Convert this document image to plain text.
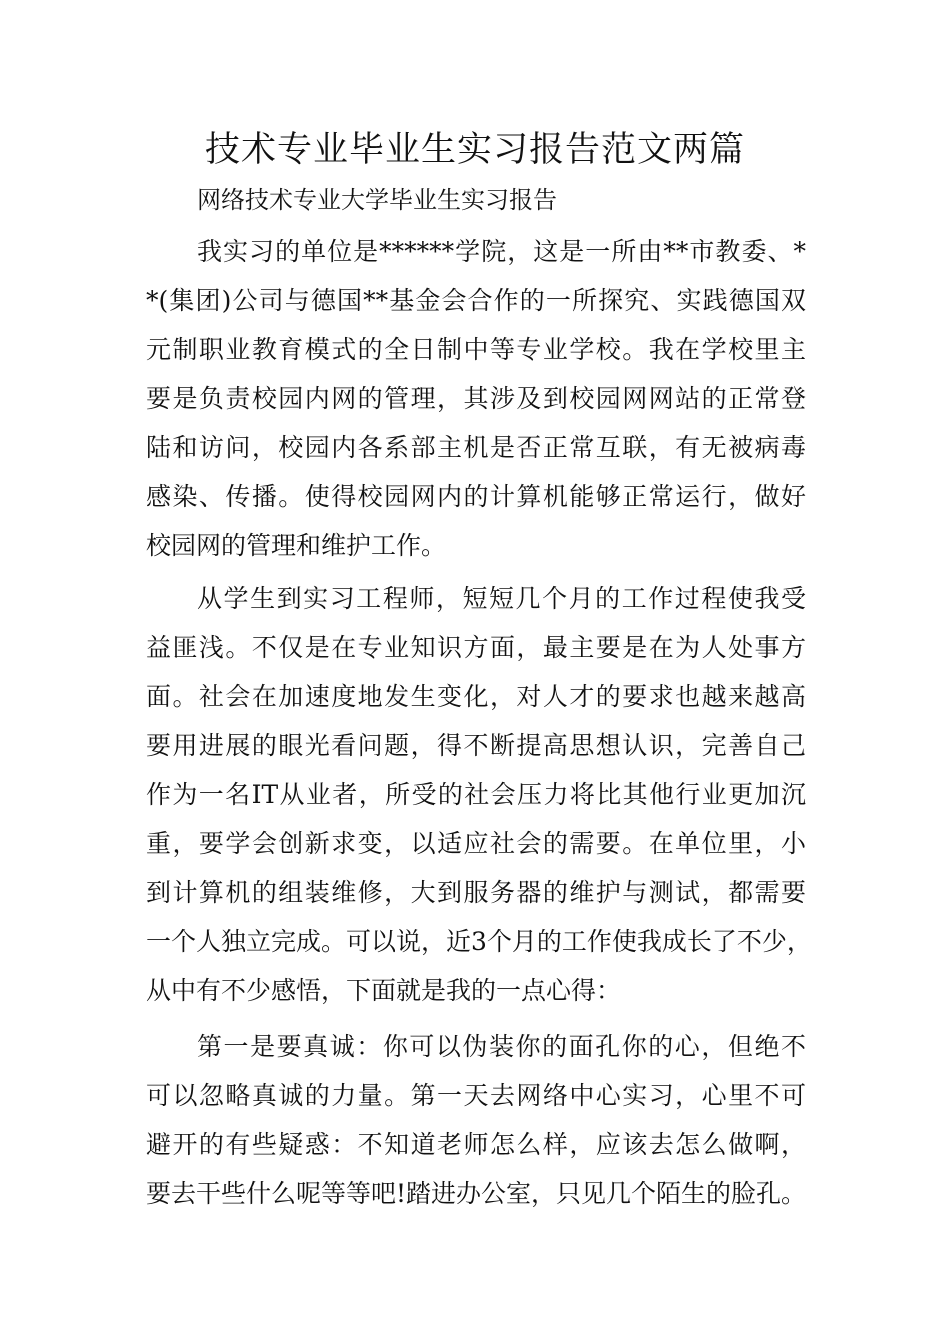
技术专业毕业生实习报告范文两篇
网络技术专业大学毕业生实习报告
我实习的单位是******学院，这是一所由**市教委、*
*(集团)公司与德国**基金会合作的一所探究、实践德国双
元制职业教育模式的全日制中等专业学校。我在学校里主
要是负责校园内网的管理，其涉及到校园网网站的正常登
陆和访问，校园内各系部主机是否正常互联，有无被病毒
感染、传播。使得校园网内的计算机能够正常运行，做好
校园网的管理和维护工作。
从学生到实习工程师，短短几个月的工作过程使我受
益匪浅。不仅是在专业知识方面，最主要是在为人处事方
面。社会在加速度地发生变化，对人才的要求也越来越高
要用进展的眼光看问题，得不断提高思想认识，完善自己
作为一名IT从业者，所受的社会压力将比其他行业更加沉
重，要学会创新求变，以适应社会的需要。在单位里，小
到计算机的组装维修，大到服务器的维护与测试，都需要
一个人独立完成。可以说，近3个月的工作使我成长了不少，
从中有不少感悟，下面就是我的一点心得：
第一是要真诚：你可以伪装你的面孔你的心，但绝不
可以忽略真诚的力量。第一天去网络中心实习，心里不可
避开的有些疑惑：不知道老师怎么样，应该去怎么做啊，
要去干些什么呢等等吧!踏进办公室，只见几个陌生的脸孔。
